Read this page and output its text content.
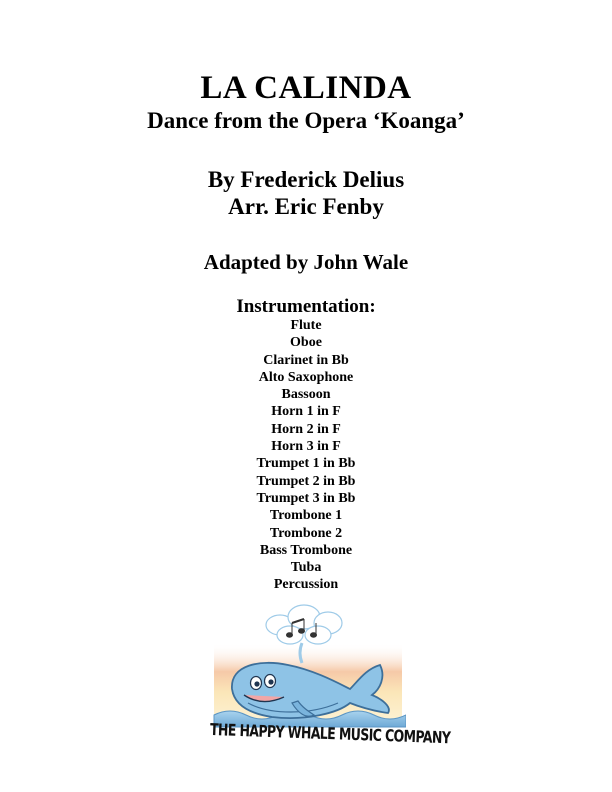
LA CALINDA
Dance from the Opera ‘Koanga’
By Frederick Delius
Arr. Eric Fenby
Adapted by John Wale
Instrumentation:
Flute
Oboe
Clarinet in Bb
Alto Saxophone
Bassoon
Horn 1 in F
Horn 2 in F
Horn 3 in F
Trumpet 1 in Bb
Trumpet 2 in Bb
Trumpet 3 in Bb
Trombone 1
Trombone 2
Bass Trombone
Tuba
Percussion
THE HAPPY WHALE MUSIC COMPANY
